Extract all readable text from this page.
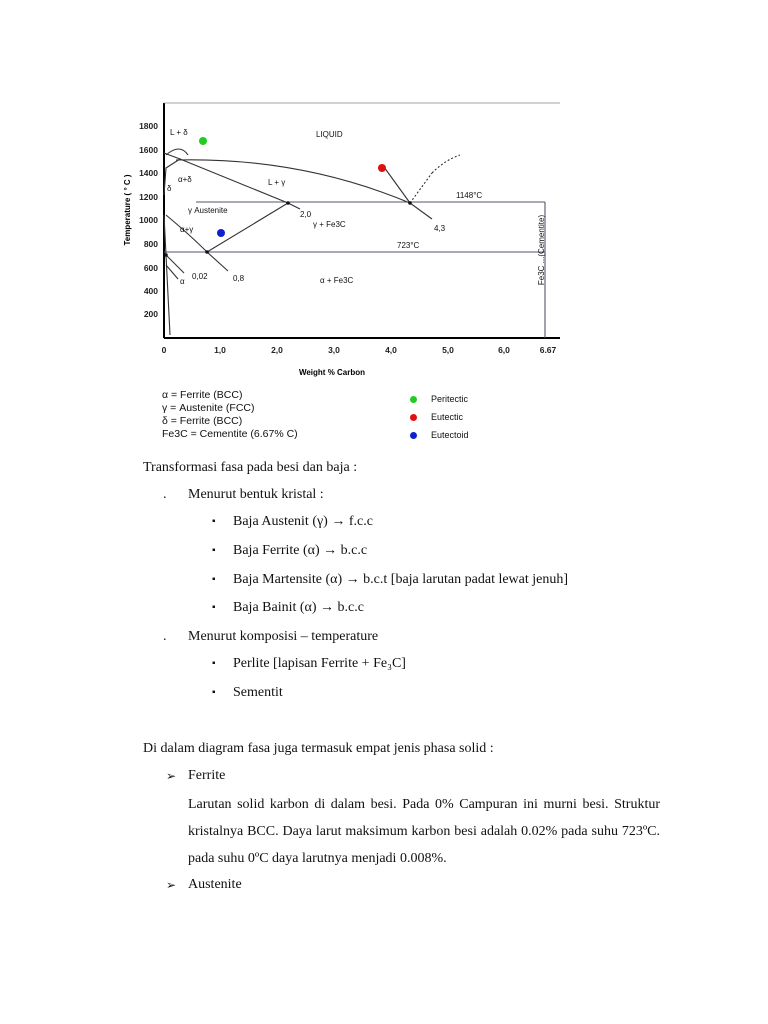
1800
1600
1400
1200
1000
800
600
400
200
0	1,0	2,0	3,0	4,0	5,0	6,0	6.67
Temperature ( ° C )
Weight % Carbon
LIQUID
L + δ
α+δ
δ
L + γ
γ Austenite
γ + Fe3C
α+γ
α	α + Fe3C
2,0
4,3
0,02	0,8
1148°C
723°C	Fe3C ...(Cementite)
α = Ferrite (BCC)
γ = Austenite (FCC)
δ = Ferrite (BCC)
Fe3C = Cementite (6.67% C)
Peritectic
Eutectic
Eutectoid
Transformasi fasa pada besi dan baja :
. Menurut bentuk kristal :
▪ Baja Austenit (γ) → f.c.c
▪ Baja Ferrite (α) → b.c.c
▪ Baja Martensite (α) → b.c.t [baja larutan padat lewat jenuh]
▪ Baja Bainit (α) → b.c.c
. Menurut komposisi – temperature
▪ Perlite [lapisan Ferrite + Fe₃C]
▪ Sementit
Di dalam diagram fasa juga termasuk empat jenis phasa solid :
➢ Ferrite
Larutan solid karbon di dalam besi. Pada 0% Campuran ini murni besi. Struktur kristalnya BCC. Daya larut maksimum karbon besi adalah 0.02% pada suhu 723ºC. pada suhu 0ºC daya larutnya menjadi 0.008%.
➢ Austenite
